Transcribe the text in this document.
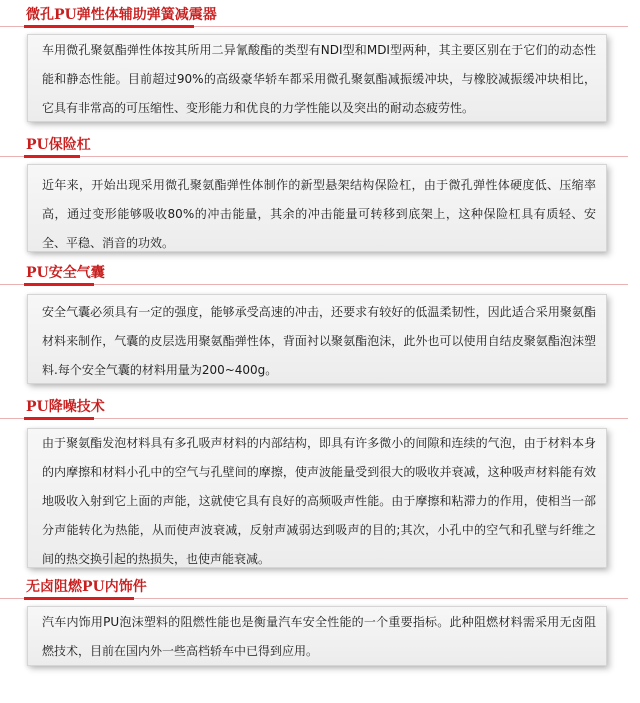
微孔PU弹性体辅助弹簧减震器
车用微孔聚氨酯弹性体按其所用二异氰酸酯的类型有NDI型和MDI型两种，其主要区别在于它们的动态性能和静态性能。目前超过90%的高级豪华轿车都采用微孔聚氨酯减振缓冲块，与橡胶减振缓冲块相比，它具有非常高的可压缩性、变形能力和优良的力学性能以及突出的耐动态疲劳性。
PU保险杠
近年来，开始出现采用微孔聚氨酯弹性体制作的新型悬架结构保险杠，由于微孔弹性体硬度低、压缩率高，通过变形能够吸收80%的冲击能量，其余的冲击能量可转移到底架上，这种保险杠具有质轻、安全、平稳、消音的功效。
PU安全气囊
安全气囊必须具有一定的强度，能够承受高速的冲击，还要求有较好的低温柔韧性，因此适合采用聚氨酯材料来制作，气囊的皮层选用聚氨酯弹性体，背面衬以聚氨酯泡沫，此外也可以使用自结皮聚氨酯泡沫塑料.每个安全气囊的材料用量为200~400g。
PU降噪技术
由于聚氨酯发泡材料具有多孔吸声材料的内部结构，即具有许多微小的间隙和连续的气泡，由于材料本身的内摩擦和材料小孔中的空气与孔壁间的摩擦，使声波能量受到很大的吸收并衰减，这种吸声材料能有效地吸收入射到它上面的声能，这就使它具有良好的高频吸声性能。由于摩擦和粘滞力的作用，使相当一部分声能转化为热能，从而使声波衰减，反射声减弱达到吸声的目的;其次，小孔中的空气和孔壁与纤维之间的热交换引起的热损失，也使声能衰减。
无卤阻燃PU内饰件
汽车内饰用PU泡沫塑料的阻燃性能也是衡量汽车安全性能的一个重要指标。此种阻燃材料需采用无卤阻燃技术，目前在国内外一些高档轿车中已得到应用。
